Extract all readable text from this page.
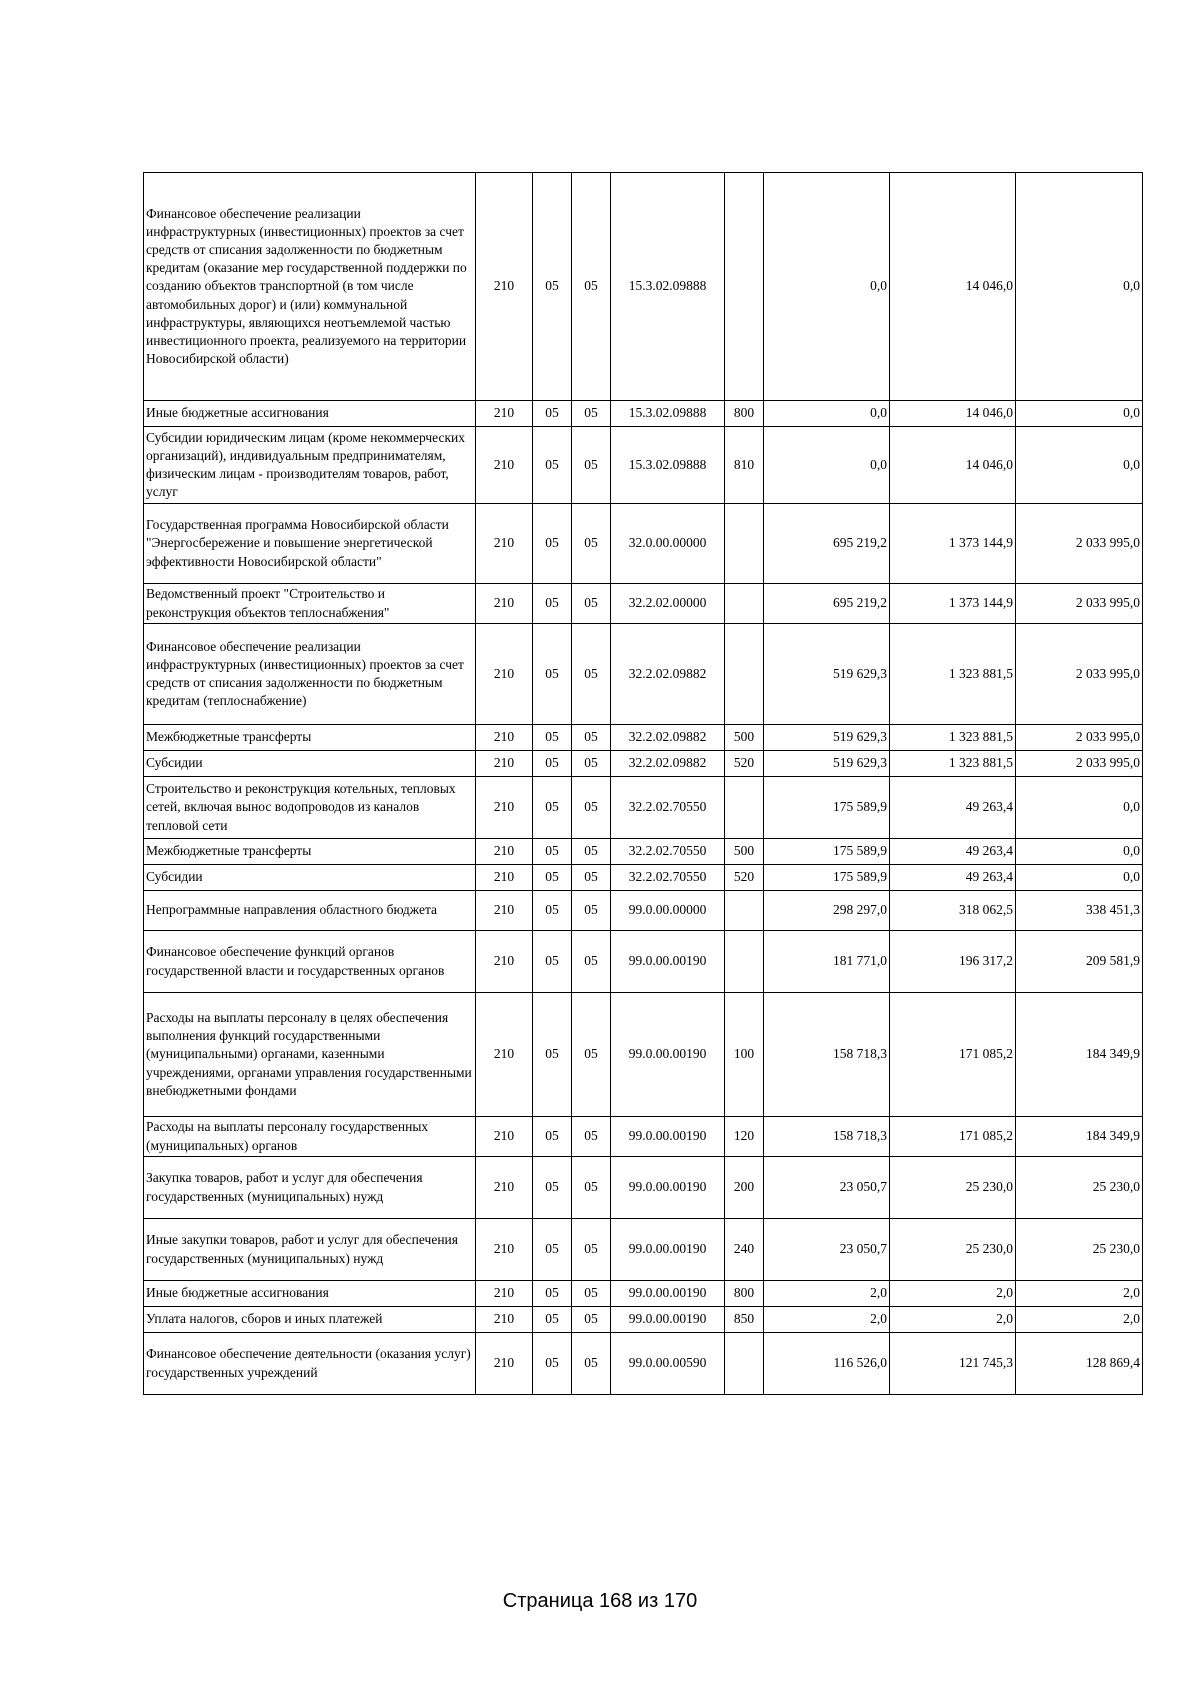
Финансовое обеспечение реализации инфраструктурных (инвестиционных) проектов за счет средств от списания задолженности по бюджетным кредитам (оказание мер государственной поддержки по созданию объектов транспортной (в том числе автомобильных дорог) и (или) коммунальной инфраструктуры, являющихся неотъемлемой частью инвестиционного проекта, реализуемого на территории Новосибирской области)	210	05	05	15.3.02.09888		0,0	14 046,0	0,0
Иные бюджетные ассигнования	210	05	05	15.3.02.09888	800	0,0	14 046,0	0,0
Субсидии юридическим лицам (кроме некоммерческих организаций), индивидуальным предпринимателям, физическим лицам - производителям товаров, работ, услуг	210	05	05	15.3.02.09888	810	0,0	14 046,0	0,0
Государственная программа Новосибирской области "Энергосбережение и повышение энергетической эффективности Новосибирской области"	210	05	05	32.0.00.00000		695 219,2	1 373 144,9	2 033 995,0
Ведомственный проект "Строительство и реконструкция объектов теплоснабжения"	210	05	05	32.2.02.00000		695 219,2	1 373 144,9	2 033 995,0
Финансовое обеспечение реализации инфраструктурных (инвестиционных) проектов за счет средств от списания задолженности по бюджетным кредитам (теплоснабжение)	210	05	05	32.2.02.09882		519 629,3	1 323 881,5	2 033 995,0
Межбюджетные трансферты	210	05	05	32.2.02.09882	500	519 629,3	1 323 881,5	2 033 995,0
Субсидии	210	05	05	32.2.02.09882	520	519 629,3	1 323 881,5	2 033 995,0
Строительство и реконструкция котельных, тепловых сетей, включая вынос водопроводов из каналов тепловой сети	210	05	05	32.2.02.70550		175 589,9	49 263,4	0,0
Межбюджетные трансферты	210	05	05	32.2.02.70550	500	175 589,9	49 263,4	0,0
Субсидии	210	05	05	32.2.02.70550	520	175 589,9	49 263,4	0,0
Непрограммные направления областного бюджета	210	05	05	99.0.00.00000		298 297,0	318 062,5	338 451,3
Финансовое обеспечение функций органов государственной власти и государственных органов	210	05	05	99.0.00.00190		181 771,0	196 317,2	209 581,9
Расходы на выплаты персоналу в целях обеспечения выполнения функций государственными (муниципальными) органами, казенными учреждениями, органами управления государственными внебюджетными фондами	210	05	05	99.0.00.00190	100	158 718,3	171 085,2	184 349,9
Расходы на выплаты персоналу государственных (муниципальных) органов	210	05	05	99.0.00.00190	120	158 718,3	171 085,2	184 349,9
Закупка товаров, работ и услуг для обеспечения государственных (муниципальных) нужд	210	05	05	99.0.00.00190	200	23 050,7	25 230,0	25 230,0
Иные закупки товаров, работ и услуг для обеспечения государственных (муниципальных) нужд	210	05	05	99.0.00.00190	240	23 050,7	25 230,0	25 230,0
Иные бюджетные ассигнования	210	05	05	99.0.00.00190	800	2,0	2,0	2,0
Уплата налогов, сборов и иных платежей	210	05	05	99.0.00.00190	850	2,0	2,0	2,0
Финансовое обеспечение деятельности (оказания услуг) государственных учреждений	210	05	05	99.0.00.00590		116 526,0	121 745,3	128 869,4
Страница 168 из 170
